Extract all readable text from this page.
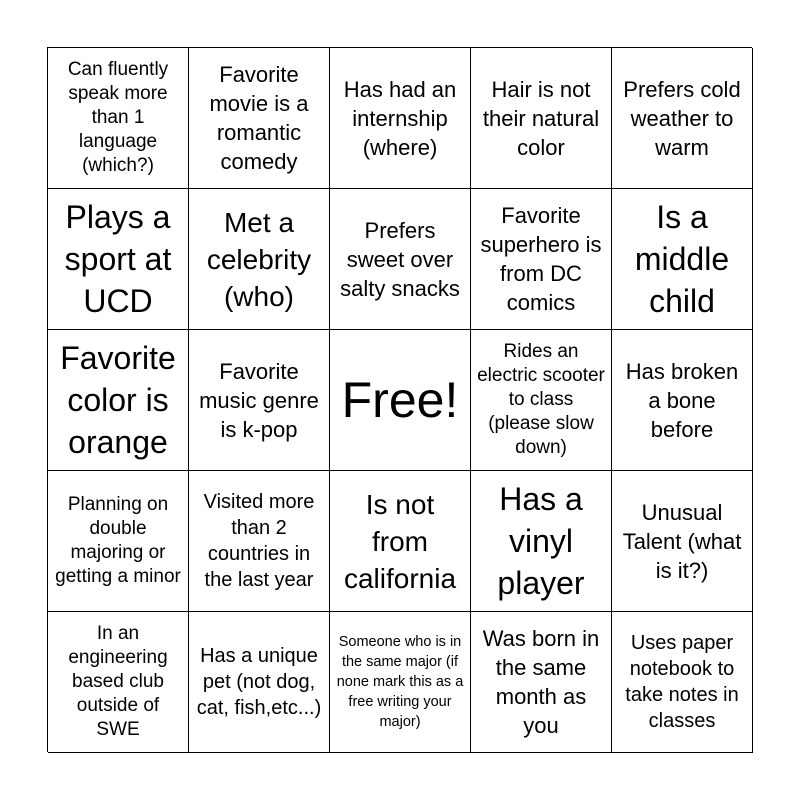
Can fluently speak more than 1 language (which?)
Favorite movie is a romantic comedy
Has had an internship (where)
Hair is not their natural color
Prefers cold weather to warm
Plays a sport at UCD
Met a celebrity (who)
Prefers sweet over salty snacks
Favorite superhero is from DC comics
Is a middle child
Favorite color is orange
Favorite music genre is k-pop
Free!
Rides an electric scooter to class (please slow down)
Has broken a bone before
Planning on double majoring or getting a minor
Visited more than 2 countries in the last year
Is not from california
Has a vinyl player
Unusual Talent (what is it?)
In an engineering based club outside of SWE
Has a unique pet (not dog, cat, fish,etc...)
Someone who is in the same major (if none mark this as a free writing your major)
Was born in the same month as you
Uses paper notebook to take notes in classes
